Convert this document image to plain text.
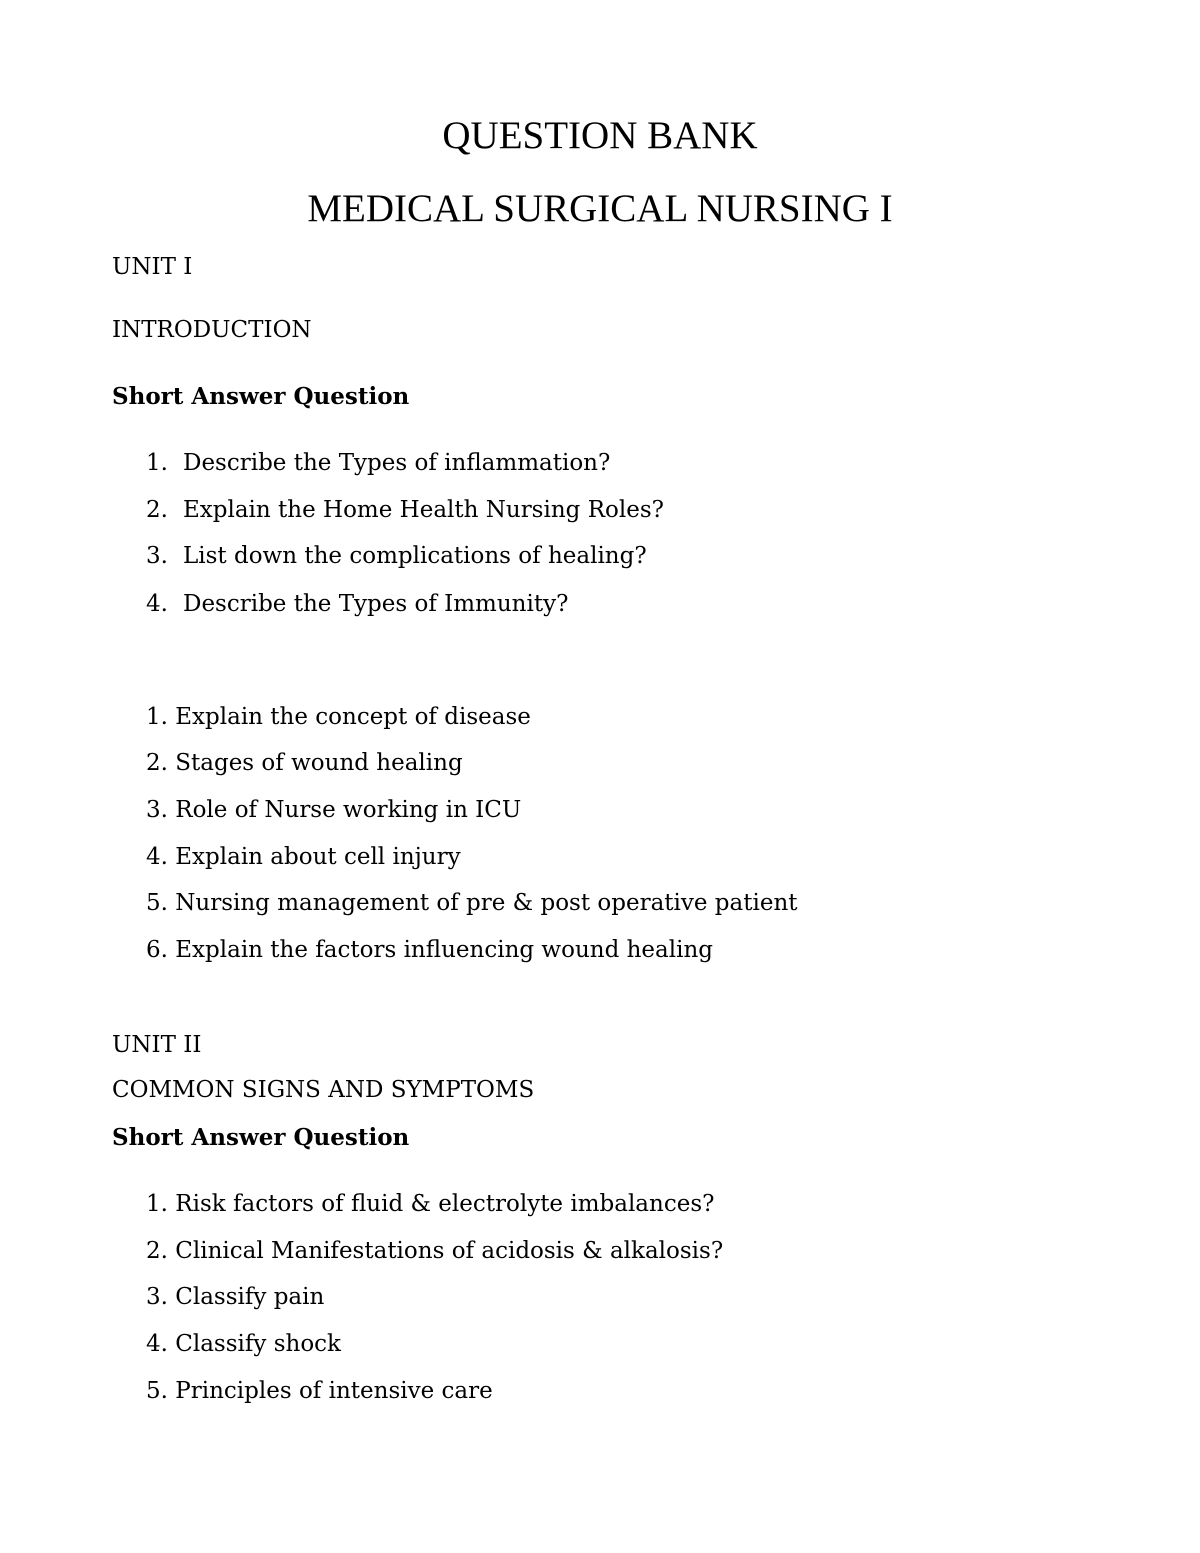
QUESTION BANK
MEDICAL SURGICAL NURSING I

UNIT I

INTRODUCTION

Short Answer Question

1. Describe the Types of inflammation?

2. Explain the Home Health Nursing Roles?

3. List down the complications of healing?

4. Describe the Types of Immunity?

1. Explain the concept of disease

2. Stages of wound healing

3. Role of Nurse working in ICU

4. Explain about cell injury

5. Nursing management of pre & post operative patient

6. Explain the factors influencing wound healing

UNIT II

COMMON SIGNS AND SYMPTOMS

Short Answer Question

1. Risk factors of fluid & electrolyte imbalances?

2. Clinical Manifestations of acidosis & alkalosis?

3. Classify pain

4. Classify shock

5. Principles of intensive care
